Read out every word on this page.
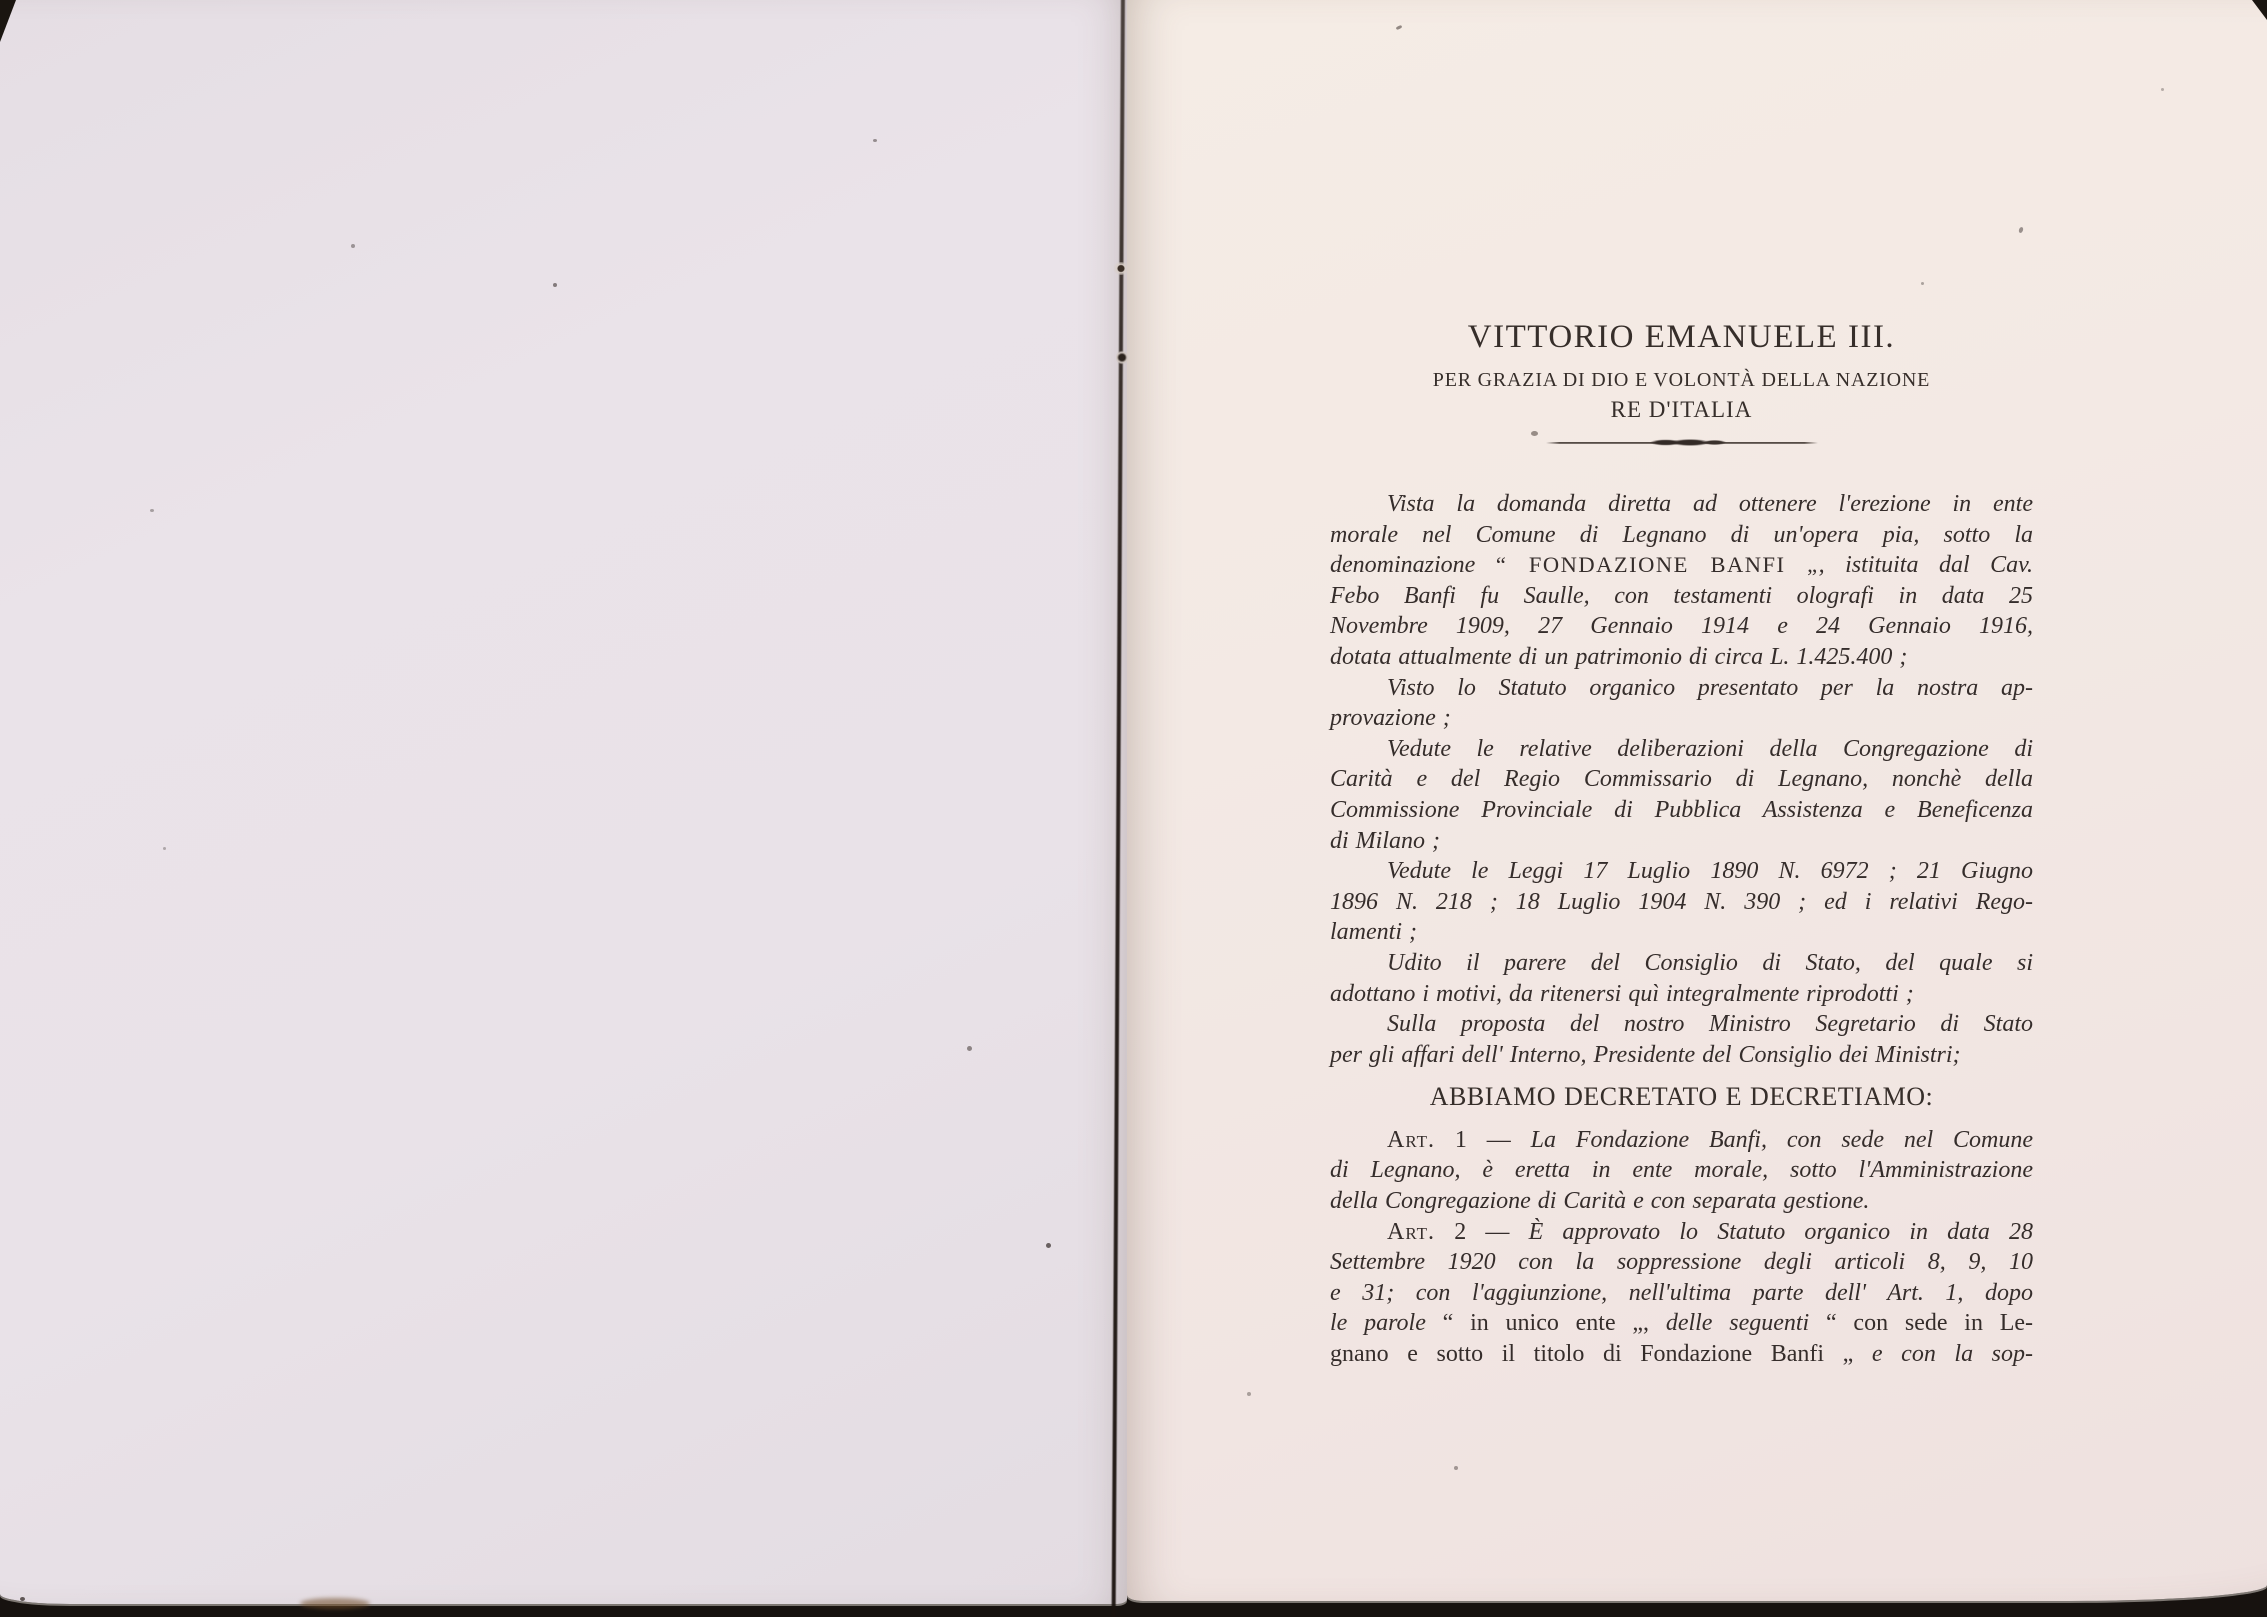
VITTORIO EMANUELE III.
PER GRAZIA DI DIO E VOLONTÀ DELLA NAZIONE
RE D'ITALIA
Vista la domanda diretta ad ottenere l'erezione in ente
morale nel Comune di Legnano di un'opera pia, sotto la
denominazione “ FONDAZIONE BANFI „, istituita dal Cav.
Febo Banfi fu Saulle, con testamenti olografi in data 25
Novembre 1909, 27 Gennaio 1914 e 24 Gennaio 1916,
dotata attualmente di un patrimonio di circa L. 1.425.400 ;
Visto lo Statuto organico presentato per la nostra ap-
provazione ;
Vedute le relative deliberazioni della Congregazione di
Carità e del Regio Commissario di Legnano, nonchè della
Commissione Provinciale di Pubblica Assistenza e Beneficenza
di Milano ;
Vedute le Leggi 17 Luglio 1890 N. 6972 ; 21 Giugno
1896 N. 218 ; 18 Luglio 1904 N. 390 ; ed i relativi Rego-
lamenti ;
Udito il parere del Consiglio di Stato, del quale si
adottano i motivi, da ritenersi quì integralmente riprodotti ;
Sulla proposta del nostro Ministro Segretario di Stato
per gli affari dell' Interno, Presidente del Consiglio dei Ministri;
ABBIAMO DECRETATO E DECRETIAMO:
Art. 1 — La Fondazione Banfi, con sede nel Comune
di Legnano, è eretta in ente morale, sotto l'Amministrazione
della Congregazione di Carità e con separata gestione.
Art. 2 — È approvato lo Statuto organico in data 28
Settembre 1920 con la soppressione degli articoli 8, 9, 10
e 31; con l'aggiunzione, nell'ultima parte dell' Art. 1, dopo
le parole “ in unico ente „, delle seguenti “ con sede in Le-
gnano e sotto il titolo di Fondazione Banfi „ e con la sop-
